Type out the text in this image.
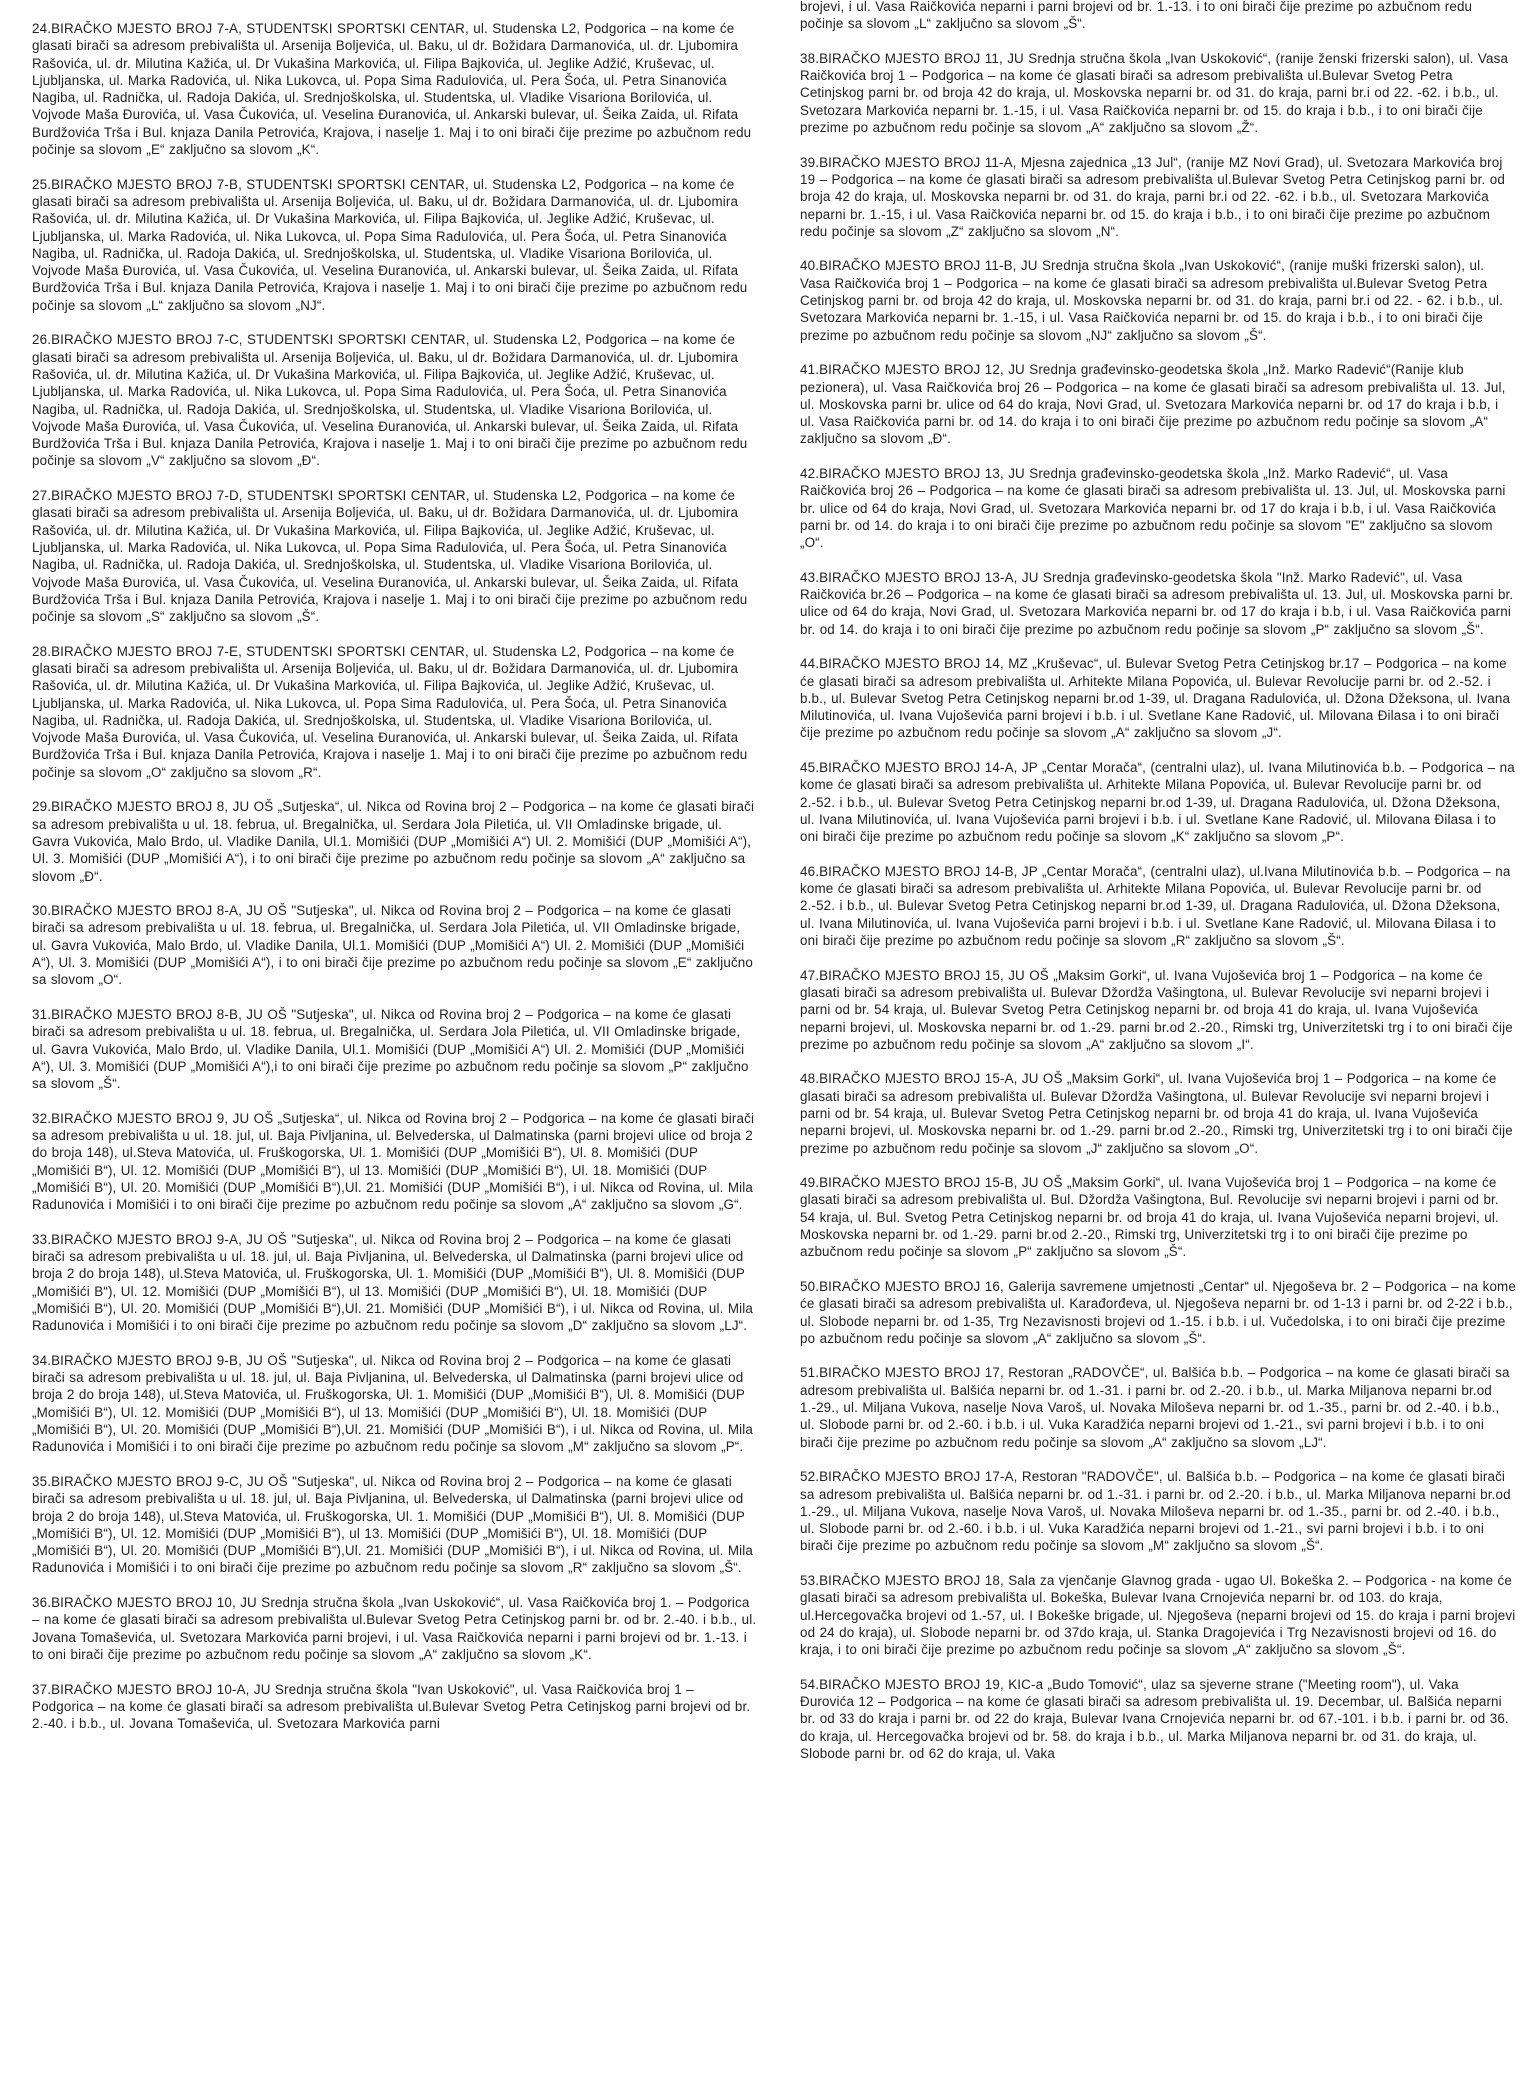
24.BIRAČKO MJESTO BROJ 7-A, STUDENTSKI SPORTSKI CENTAR, ul. Studenska L2, Podgorica – na kome će glasati birači sa adresom prebivališta ul. Arsenija Boljevića, ul. Baku, ul dr. Božidara Darmanovića, ul. dr. Ljubomira Rašovića, ul. dr. Milutina Kažića, ul. Dr Vukašina Markovića, ul. Filipa Bajkovića, ul. Jeglike Adžić, Kruševac, ul. Ljubljanska, ul. Marka Radovića, ul. Nika Lukovca, ul. Popa Sima Radulovića, ul. Pera Šoća, ul. Petra Sinanovića Nagiba, ul. Radnička, ul. Radoja Dakića, ul. Srednjoškolska, ul. Studentska, ul. Vladike Visariona Borilovića, ul. Vojvode Maša Đurovića, ul. Vasa Čukovića, ul. Veselina Đuranovića, ul. Ankarski bulevar, ul. Šeika Zaida, ul. Rifata Burdžovića Trša i Bul. knjaza Danila Petrovića, Krajova, i naselje 1. Maj i to oni birači čije prezime po azbučnom redu počinje sa slovom „E“ zaključno sa slovom „K“.

25.BIRAČKO MJESTO BROJ 7-B, STUDENTSKI SPORTSKI CENTAR, ul. Studenska L2, Podgorica – na kome će glasati birači sa adresom prebivališta ul. Arsenija Boljevića, ul. Baku, ul dr. Božidara Darmanovića, ul. dr. Ljubomira Rašovića, ul. dr. Milutina Kažića, ul. Dr Vukašina Markovića, ul. Filipa Bajkovića, ul. Jeglike Adžić, Kruševac, ul. Ljubljanska, ul. Marka Radovića, ul. Nika Lukovca, ul. Popa Sima Radulovića, ul. Pera Šoća, ul. Petra Sinanovića Nagiba, ul. Radnička, ul. Radoja Dakića, ul. Srednjoškolska, ul. Studentska, ul. Vladike Visariona Borilovića, ul. Vojvode Maša Đurovića, ul. Vasa Čukovića, ul. Veselina Đuranovića, ul. Ankarski bulevar, ul. Šeika Zaida, ul. Rifata Burdžovića Trša i Bul. knjaza Danila Petrovića, Krajova i naselje 1. Maj i to oni birači čije prezime po azbučnom redu počinje sa slovom „L“ zaključno sa slovom „NJ“.

26.BIRAČKO MJESTO BROJ 7-C, STUDENTSKI SPORTSKI CENTAR, ul. Studenska L2, Podgorica – na kome će glasati birači sa adresom prebivališta ul. Arsenija Boljevića, ul. Baku, ul dr. Božidara Darmanovića, ul. dr. Ljubomira Rašovića, ul. dr. Milutina Kažića, ul. Dr Vukašina Markovića, ul. Filipa Bajkovića, ul. Jeglike Adžić, Kruševac, ul. Ljubljanska, ul. Marka Radovića, ul. Nika Lukovca, ul. Popa Sima Radulovića, ul. Pera Šoća, ul. Petra Sinanovića Nagiba, ul. Radnička, ul. Radoja Dakića, ul. Srednjoškolska, ul. Studentska, ul. Vladike Visariona Borilovića, ul. Vojvode Maša Đurovića, ul. Vasa Čukovića, ul. Veselina Đuranovića, ul. Ankarski bulevar, ul. Šeika Zaida, ul. Rifata Burdžovića Trša i Bul. knjaza Danila Petrovića, Krajova i naselje 1. Maj i to oni birači čije prezime po azbučnom redu počinje sa slovom „V“ zaključno sa slovom „Đ“.

27.BIRAČKO MJESTO BROJ 7-D, STUDENTSKI SPORTSKI CENTAR, ul. Studenska L2, Podgorica – na kome će glasati birači sa adresom prebivališta ul. Arsenija Boljevića, ul. Baku, ul dr. Božidara Darmanovića, ul. dr. Ljubomira Rašovića, ul. dr. Milutina Kažića, ul. Dr Vukašina Markovića, ul. Filipa Bajkovića, ul. Jeglike Adžić, Kruševac, ul. Ljubljanska, ul. Marka Radovića, ul. Nika Lukovca, ul. Popa Sima Radulovića, ul. Pera Šoća, ul. Petra Sinanovića Nagiba, ul. Radnička, ul. Radoja Dakića, ul. Srednjoškolska, ul. Studentska, ul. Vladike Visariona Borilovića, ul. Vojvode Maša Đurovića, ul. Vasa Čukovića, ul. Veselina Đuranovića, ul. Ankarski bulevar, ul. Šeika Zaida, ul. Rifata Burdžovića Trša i Bul. knjaza Danila Petrovića, Krajova i naselje 1. Maj i to oni birači čije prezime po azbučnom redu počinje sa slovom „S“ zaključno sa slovom „Š“.

28.BIRAČKO MJESTO BROJ 7-E, STUDENTSKI SPORTSKI CENTAR, ul. Studenska L2, Podgorica – na kome će glasati birači sa adresom prebivališta ul. Arsenija Boljevića, ul. Baku, ul dr. Božidara Darmanovića, ul. dr. Ljubomira Rašovića, ul. dr. Milutina Kažića, ul. Dr Vukašina Markovića, ul. Filipa Bajkovića, ul. Jeglike Adžić, Kruševac, ul. Ljubljanska, ul. Marka Radovića, ul. Nika Lukovca, ul. Popa Sima Radulovića, ul. Pera Šoća, ul. Petra Sinanovića Nagiba, ul. Radnička, ul. Radoja Dakića, ul. Srednjoškolska, ul. Studentska, ul. Vladike Visariona Borilovića, ul. Vojvode Maša Đurovića, ul. Vasa Čukovića, ul. Veselina Đuranovića, ul. Ankarski bulevar, ul. Šeika Zaida, ul. Rifata Burdžovića Trša i Bul. knjaza Danila Petrovića, Krajova i naselje 1. Maj i to oni birači čije prezime po azbučnom redu počinje sa slovom „O“ zaključno sa slovom „R“.

29.BIRAČKO MJESTO BROJ 8, JU OŠ „Sutjeska“, ul. Nikca od Rovina broj 2 – Podgorica – na kome će glasati birači sa adresom prebivališta u ul. 18. februa, ul. Bregalnička, ul. Serdara Jola Piletića, ul. VII Omladinske brigade, ul. Gavra Vukovića, Malo Brdo, ul. Vladike Danila, Ul.1. Momišići (DUP „Momišići A“) Ul. 2. Momišići (DUP „Momišići A“), Ul. 3. Momišići (DUP „Momišići A“), i to oni birači čije prezime po azbučnom redu počinje sa slovom „A“ zaključno sa slovom „Đ“.

30.BIRAČKO MJESTO BROJ 8-A, JU OŠ "Sutjeska", ul. Nikca od Rovina broj 2 – Podgorica – na kome će glasati birači sa adresom prebivališta u ul. 18. februa, ul. Bregalnička, ul. Serdara Jola Piletića, ul. VII Omladinske brigade, ul. Gavra Vukovića, Malo Brdo, ul. Vladike Danila, Ul.1. Momišići (DUP „Momišići A“) Ul. 2. Momišići (DUP „Momišići A“), Ul. 3. Momišići (DUP „Momišići A“), i to oni birači čije prezime po azbučnom redu počinje sa slovom „E“ zaključno sa slovom „O“.

31.BIRAČKO MJESTO BROJ 8-B, JU OŠ "Sutjeska", ul. Nikca od Rovina broj 2 – Podgorica – na kome će glasati birači sa adresom prebivališta u ul. 18. februa, ul. Bregalnička, ul. Serdara Jola Piletića, ul. VII Omladinske brigade, ul. Gavra Vukovića, Malo Brdo, ul. Vladike Danila, Ul.1. Momišići (DUP „Momišići A“) Ul. 2. Momišići (DUP „Momišići A“), Ul. 3. Momišići (DUP „Momišići A“),i to oni birači čije prezime po azbučnom redu počinje sa slovom „P“ zaključno sa slovom „Š“.

32.BIRAČKO MJESTO BROJ 9, JU OŠ „Sutjeska“, ul. Nikca od Rovina broj 2 – Podgorica – na kome će glasati birači sa adresom prebivališta u ul. 18. jul, ul. Baja Pivljanina, ul. Belvederska, ul Dalmatinska (parni brojevi ulice od broja 2 do broja 148), ul.Steva Matovića, ul. Fruškogorska, Ul. 1. Momišići (DUP „Momišići B“), Ul. 8. Momišići (DUP „Momišići B“), Ul. 12. Momišići (DUP „Momišići B“), ul 13. Momišići (DUP „Momišići B“), Ul. 18. Momišići (DUP „Momišići B“), Ul. 20. Momišići (DUP „Momišići B“),Ul. 21. Momišići (DUP „Momišići B“), i ul. Nikca od Rovina, ul. Mila Radunovića i Momišići i to oni birači čije prezime po azbučnom redu počinje sa slovom „A“ zaključno sa slovom „G“.

33.BIRAČKO MJESTO BROJ 9-A, JU OŠ "Sutjeska", ul. Nikca od Rovina broj 2 – Podgorica – na kome će glasati birači sa adresom prebivališta u ul. 18. jul, ul. Baja Pivljanina, ul. Belvederska, ul Dalmatinska (parni brojevi ulice od broja 2 do broja 148), ul.Steva Matovića, ul. Fruškogorska, Ul. 1. Momišići (DUP „Momišići B“), Ul. 8. Momišići (DUP „Momišići B“), Ul. 12. Momišići (DUP „Momišići B“), ul 13. Momišići (DUP „Momišići B“), Ul. 18. Momišići (DUP „Momišići B“), Ul. 20. Momišići (DUP „Momišići B“),Ul. 21. Momišići (DUP „Momišići B“), i ul. Nikca od Rovina, ul. Mila Radunovića i Momišići i to oni birači čije prezime po azbučnom redu počinje sa slovom „D“ zaključno sa slovom „LJ“.

34.BIRAČKO MJESTO BROJ 9-B, JU OŠ "Sutjeska", ul. Nikca od Rovina broj 2 – Podgorica – na kome će glasati birači sa adresom prebivališta u ul. 18. jul, ul. Baja Pivljanina, ul. Belvederska, ul Dalmatinska (parni brojevi ulice od broja 2 do broja 148), ul.Steva Matovića, ul. Fruškogorska, Ul. 1. Momišići (DUP „Momišići B“), Ul. 8. Momišići (DUP „Momišići B“), Ul. 12. Momišići (DUP „Momišići B“), ul 13. Momišići (DUP „Momišići B“), Ul. 18. Momišići (DUP „Momišići B“), Ul. 20. Momišići (DUP „Momišići B“),Ul. 21. Momišići (DUP „Momišići B“), i ul. Nikca od Rovina, ul. Mila Radunovića i Momišići i to oni birači čije prezime po azbučnom redu počinje sa slovom „M“ zaključno sa slovom „P“.

35.BIRAČKO MJESTO BROJ 9-C, JU OŠ "Sutjeska", ul. Nikca od Rovina broj 2 – Podgorica – na kome će glasati birači sa adresom prebivališta u ul. 18. jul, ul. Baja Pivljanina, ul. Belvederska, ul Dalmatinska (parni brojevi ulice od broja 2 do broja 148), ul.Steva Matovića, ul. Fruškogorska, Ul. 1. Momišići (DUP „Momišići B“), Ul. 8. Momišići (DUP „Momišići B“), Ul. 12. Momišići (DUP „Momišići B“), ul 13. Momišići (DUP „Momišići B“), Ul. 18. Momišići (DUP „Momišići B“), Ul. 20. Momišići (DUP „Momišići B“),Ul. 21. Momišići (DUP „Momišići B“), i ul. Nikca od Rovina, ul. Mila Radunovića i Momišići i to oni birači čije prezime po azbučnom redu počinje sa slovom „R“ zaključno sa slovom „Š“.

36.BIRAČKO MJESTO BROJ 10, JU Srednja stručna škola „Ivan Uskoković“, ul. Vasa Raičkovića broj 1. – Podgorica – na kome će glasati birači sa adresom prebivališta ul.Bulevar Svetog Petra Cetinjskog parni br. od br. 2.-40. i b.b., ul. Jovana Tomaševića, ul. Svetozara Markovića parni brojevi, i ul. Vasa Raičkovića neparni i parni brojevi od br. 1.-13. i to oni birači čije prezime po azbučnom redu počinje sa slovom „A“ zaključno sa slovom „K“.

37.BIRAČKO MJESTO BROJ 10-A, JU Srednja stručna škola "Ivan Uskoković", ul. Vasa Raičkovića broj 1 – Podgorica – na kome će glasati birači sa adresom prebivališta ul.Bulevar Svetog Petra Cetinjskog parni brojevi od br. 2.-40. i b.b., ul. Jovana Tomaševića, ul. Svetozara Markovića parni

brojevi, i ul. Vasa Raičkovića neparni i parni brojevi od br. 1.-13. i to oni birači čije prezime po azbučnom redu počinje sa slovom „L“ zaključno sa slovom „Š“.

38.BIRAČKO MJESTO BROJ 11, JU Srednja stručna škola „Ivan Uskoković“, (ranije ženski frizerski salon), ul. Vasa Raičkovića broj 1 – Podgorica – na kome će glasati birači sa adresom prebivališta ul.Bulevar Svetog Petra Cetinjskog parni br. od broja 42 do kraja, ul. Moskovska neparni br. od 31. do kraja, parni br.i od 22. -62. i b.b., ul. Svetozara Markovića neparni br. 1.-15, i ul. Vasa Raičkovića neparni br. od 15. do kraja i b.b., i to oni birači čije prezime po azbučnom redu počinje sa slovom „A“ zaključno sa slovom „Ž“.

39.BIRAČKO MJESTO BROJ 11-A, Mjesna zajednica „13 Jul“, (ranije MZ Novi Grad), ul. Svetozara Markovića broj 19 – Podgorica – na kome će glasati birači sa adresom prebivališta ul.Bulevar Svetog Petra Cetinjskog parni br. od broja 42 do kraja, ul. Moskovska neparni br. od 31. do kraja, parni br.i od 22. -62. i b.b., ul. Svetozara Markovića neparni br. 1.-15, i ul. Vasa Raičkovića neparni br. od 15. do kraja i b.b., i to oni birači čije prezime po azbučnom redu počinje sa slovom „Z“ zaključno sa slovom „N“.

40.BIRAČKO MJESTO BROJ 11-B, JU Srednja stručna škola „Ivan Uskoković“, (ranije muški frizerski salon), ul. Vasa Raičkovića broj 1 – Podgorica – na kome će glasati birači sa adresom prebivališta ul.Bulevar Svetog Petra Cetinjskog parni br. od broja 42 do kraja, ul. Moskovska neparni br. od 31. do kraja, parni br.i od 22. - 62. i b.b., ul. Svetozara Markovića neparni br. 1.-15, i ul. Vasa Raičkovića neparni br. od 15. do kraja i b.b., i to oni birači čije prezime po azbučnom redu počinje sa slovom „NJ“ zaključno sa slovom „Š“.

41.BIRAČKO MJESTO BROJ 12, JU Srednja građevinsko-geodetska škola „Inž. Marko Radević“(Ranije klub pezionera), ul. Vasa Raičkovića broj 26 – Podgorica – na kome će glasati birači sa adresom prebivališta ul. 13. Jul, ul. Moskovska parni br. ulice od 64 do kraja, Novi Grad, ul. Svetozara Markovića neparni br. od 17 do kraja i b.b, i ul. Vasa Raičkovića parni br. od 14. do kraja i to oni birači čije prezime po azbučnom redu počinje sa slovom „A“ zaključno sa slovom „Đ“.

42.BIRAČKO MJESTO BROJ 13, JU Srednja građevinsko-geodetska škola „Inž. Marko Radević“, ul. Vasa Raičkovića broj 26 – Podgorica – na kome će glasati birači sa adresom prebivališta ul. 13. Jul, ul. Moskovska parni br. ulice od 64 do kraja, Novi Grad, ul. Svetozara Markovića neparni br. od 17 do kraja i b.b, i ul. Vasa Raičkovića parni br. od 14. do kraja i to oni birači čije prezime po azbučnom redu počinje sa slovom "E" zaključno sa slovom „O“.

43.BIRAČKO MJESTO BROJ 13-A, JU Srednja građevinsko-geodetska škola "Inž. Marko Radević", ul. Vasa Raičkovića br.26 – Podgorica – na kome će glasati birači sa adresom prebivališta ul. 13. Jul, ul. Moskovska parni br. ulice od 64 do kraja, Novi Grad, ul. Svetozara Markovića neparni br. od 17 do kraja i b.b, i ul. Vasa Raičkovića parni br. od 14. do kraja i to oni birači čije prezime po azbučnom redu počinje sa slovom „P“ zaključno sa slovom „Š“.

44.BIRAČKO MJESTO BROJ 14, MZ „Kruševac“, ul. Bulevar Svetog Petra Cetinjskog br.17 – Podgorica – na kome će glasati birači sa adresom prebivališta ul. Arhitekte Milana Popovića, ul. Bulevar Revolucije parni br. od 2.-52. i b.b., ul. Bulevar Svetog Petra Cetinjskog neparni br.od 1-39, ul. Dragana Radulovića, ul. Džona Džeksona, ul. Ivana Milutinovića, ul. Ivana Vujoševića parni brojevi i b.b. i ul. Svetlane Kane Radović, ul. Milovana Đilasa i to oni birači čije prezime po azbučnom redu počinje sa slovom „A“ zaključno sa slovom „J“.

45.BIRAČKO MJESTO BROJ 14-A, JP „Centar Morača“, (centralni ulaz), ul. Ivana Milutinovića b.b. – Podgorica – na kome će glasati birači sa adresom prebivališta ul. Arhitekte Milana Popovića, ul. Bulevar Revolucije parni br. od 2.-52. i b.b., ul. Bulevar Svetog Petra Cetinjskog neparni br.od 1-39, ul. Dragana Radulovića, ul. Džona Džeksona, ul. Ivana Milutinovića, ul. Ivana Vujoševića parni brojevi i b.b. i ul. Svetlane Kane Radović, ul. Milovana Đilasa i to oni birači čije prezime po azbučnom redu počinje sa slovom „K“ zaključno sa slovom „P“.

46.BIRAČKO MJESTO BROJ 14-B, JP „Centar Morača“, (centralni ulaz), ul.Ivana Milutinovića b.b. – Podgorica – na kome će glasati birači sa adresom prebivališta ul. Arhitekte Milana Popovića, ul. Bulevar Revolucije parni br. od 2.-52. i b.b., ul. Bulevar Svetog Petra Cetinjskog neparni br.od 1-39, ul. Dragana Radulovića, ul. Džona Džeksona, ul. Ivana Milutinovića, ul. Ivana Vujoševića parni brojevi i b.b. i ul. Svetlane Kane Radović, ul. Milovana Đilasa i to oni birači čije prezime po azbučnom redu počinje sa slovom „R“ zaključno sa slovom „Š“.

47.BIRAČKO MJESTO BROJ 15, JU OŠ „Maksim Gorki“, ul. Ivana Vujoševića broj 1 – Podgorica – na kome će glasati birači sa adresom prebivališta ul. Bulevar Džordža Vašingtona, ul. Bulevar Revolucije svi neparni brojevi i parni od br. 54 kraja, ul. Bulevar Svetog Petra Cetinjskog neparni br. od broja 41 do kraja, ul. Ivana Vujoševića neparni brojevi, ul. Moskovska neparni br. od 1.-29. parni br.od 2.-20., Rimski trg, Univerzitetski trg i to oni birači čije prezime po azbučnom redu počinje sa slovom „A“ zaključno sa slovom „I“.

48.BIRAČKO MJESTO BROJ 15-A, JU OŠ „Maksim Gorki“, ul. Ivana Vujoševića broj 1 – Podgorica – na kome će glasati birači sa adresom prebivališta ul. Bulevar Džordža Vašingtona, ul. Bulevar Revolucije svi neparni brojevi i parni od br. 54 kraja, ul. Bulevar Svetog Petra Cetinjskog neparni br. od broja 41 do kraja, ul. Ivana Vujoševića neparni brojevi, ul. Moskovska neparni br. od 1.-29. parni br.od 2.-20., Rimski trg, Univerzitetski trg i to oni birači čije prezime po azbučnom redu počinje sa slovom „J“ zaključno sa slovom „O“.

49.BIRAČKO MJESTO BROJ 15-B, JU OŠ „Maksim Gorki“, ul. Ivana Vujoševića broj 1 – Podgorica – na kome će glasati birači sa adresom prebivališta ul. Bul. Džordža Vašingtona, Bul. Revolucije svi neparni brojevi i parni od br. 54 kraja, ul. Bul. Svetog Petra Cetinjskog neparni br. od broja 41 do kraja, ul. Ivana Vujoševića neparni brojevi, ul. Moskovska neparni br. od 1.-29. parni br.od 2.-20., Rimski trg, Univerzitetski trg i to oni birači čije prezime po azbučnom redu počinje sa slovom „P“ zaključno sa slovom „Š“.

50.BIRAČKO MJESTO BROJ 16, Galerija savremene umjetnosti „Centar“ ul. Njegoševa br. 2 – Podgorica – na kome će glasati birači sa adresom prebivališta ul. Karađorđeva, ul. Njegoševa neparni br. od 1-13 i parni br. od 2-22 i b.b., ul. Slobode neparni br. od 1-35, Trg Nezavisnosti brojevi od 1.-15. i b.b. i ul. Vučedolska, i to oni birači čije prezime po azbučnom redu počinje sa slovom „A“ zaključno sa slovom „Š“.

51.BIRAČKO MJESTO BROJ 17, Restoran „RADOVČE“, ul. Balšića b.b. – Podgorica – na kome će glasati birači sa adresom prebivališta ul. Balšića neparni br. od 1.-31. i parni br. od 2.-20. i b.b., ul. Marka Miljanova neparni br.od 1.-29., ul. Miljana Vukova, naselje Nova Varoš, ul. Novaka Miloševa neparni br. od 1.-35., parni br. od 2.-40. i b.b., ul. Slobode parni br. od 2.-60. i b.b. i ul. Vuka Karadžića neparni brojevi od 1.-21., svi parni brojevi i b.b. i to oni birači čije prezime po azbučnom redu počinje sa slovom „A“ zaključno sa slovom „LJ“.

52.BIRAČKO MJESTO BROJ 17-A, Restoran "RADOVČE", ul. Balšića b.b. – Podgorica – na kome će glasati birači sa adresom prebivališta ul. Balšića neparni br. od 1.-31. i parni br. od 2.-20. i b.b., ul. Marka Miljanova neparni br.od 1.-29., ul. Miljana Vukova, naselje Nova Varoš, ul. Novaka Miloševa neparni br. od 1.-35., parni br. od 2.-40. i b.b., ul. Slobode parni br. od 2.-60. i b.b. i ul. Vuka Karadžića neparni brojevi od 1.-21., svi parni brojevi i b.b. i to oni birači čije prezime po azbučnom redu počinje sa slovom „M“ zaključno sa slovom „Š“.

53.BIRAČKO MJESTO BROJ 18, Sala za vjenčanje Glavnog grada - ugao Ul. Bokeška 2. – Podgorica - na kome će glasati birači sa adresom prebivališta ul. Bokeška, Bulevar Ivana Crnojevića neparni br. od 103. do kraja, ul.Hercegovačka brojevi od 1.-57, ul. I Bokeške brigade, ul. Njegoševa (neparni brojevi od 15. do kraja i parni brojevi od 24 do kraja), ul. Slobode neparni br. od 37do kraja, ul. Stanka Dragojevića i Trg Nezavisnosti brojevi od 16. do kraja, i to oni birači čije prezime po azbučnom redu počinje sa slovom „A“ zaključno sa slovom „Š“.

54.BIRAČKO MJESTO BROJ 19, KIC-a „Budo Tomović“, ulaz sa sjeverne strane ("Meeting room"), ul. Vaka Đurovića 12 – Podgorica – na kome će glasati birači sa adresom prebivališta ul. 19. Decembar, ul. Balšića neparni br. od 33 do kraja i parni br. od 22 do kraja, Bulevar Ivana Crnojevića neparni br. od 67.-101. i b.b. i parni br. od 36. do kraja, ul. Hercegovačka brojevi od br. 58. do kraja i b.b., ul. Marka Miljanova neparni br. od 31. do kraja, ul. Slobode parni br. od 62 do kraja, ul. Vaka
